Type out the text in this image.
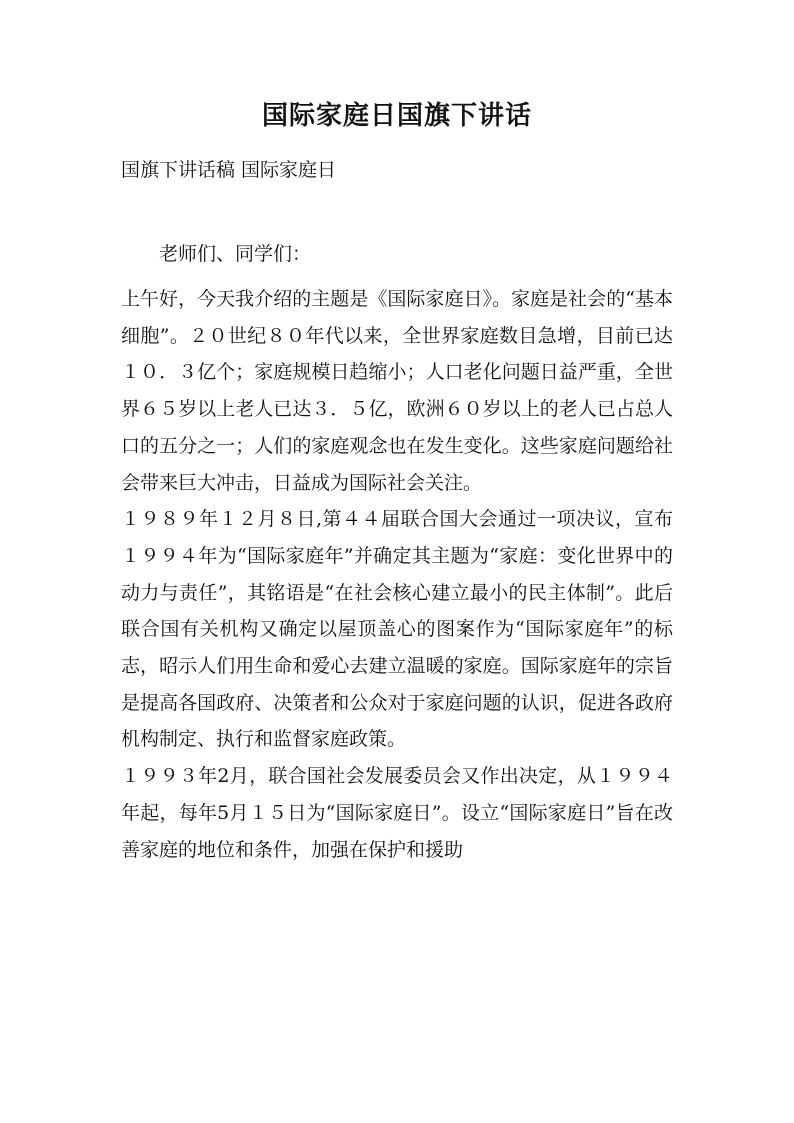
国际家庭日国旗下讲话
国旗下讲话稿 国际家庭日
老师们、同学们：

上午好，今天我介绍的主题是《国际家庭日》。家庭是社会的“基本细胞”。２０世纪８０年代以来，全世界家庭数目急增，目前已达１０．３亿个；家庭规模日趋缩小；人口老化问题日益严重，全世界６５岁以上老人已达３．５亿，欧洲６０岁以上的老人已占总人口的五分之一；人们的家庭观念也在发生变化。这些家庭问题给社会带来巨大冲击，日益成为国际社会关注。

１９８９年１２月８日,第４４届联合国大会通过一项决议，宣布１９９４年为“国际家庭年”并确定其主题为“家庭：变化世界中的动力与责任”，其铭语是“在社会核心建立最小的民主体制”。此后联合国有关机构又确定以屋顶盖心的图案作为“国际家庭年”的标志，昭示人们用生命和爱心去建立温暖的家庭。国际家庭年的宗旨是提高各国政府、决策者和公众对于家庭问题的认识，促进各政府机构制定、执行和监督家庭政策。

１９９３年2月，联合国社会发展委员会又作出决定，从１９９４年起，每年5月１５日为“国际家庭日”。设立“国际家庭日”旨在改善家庭的地位和条件，加强在保护和援助
